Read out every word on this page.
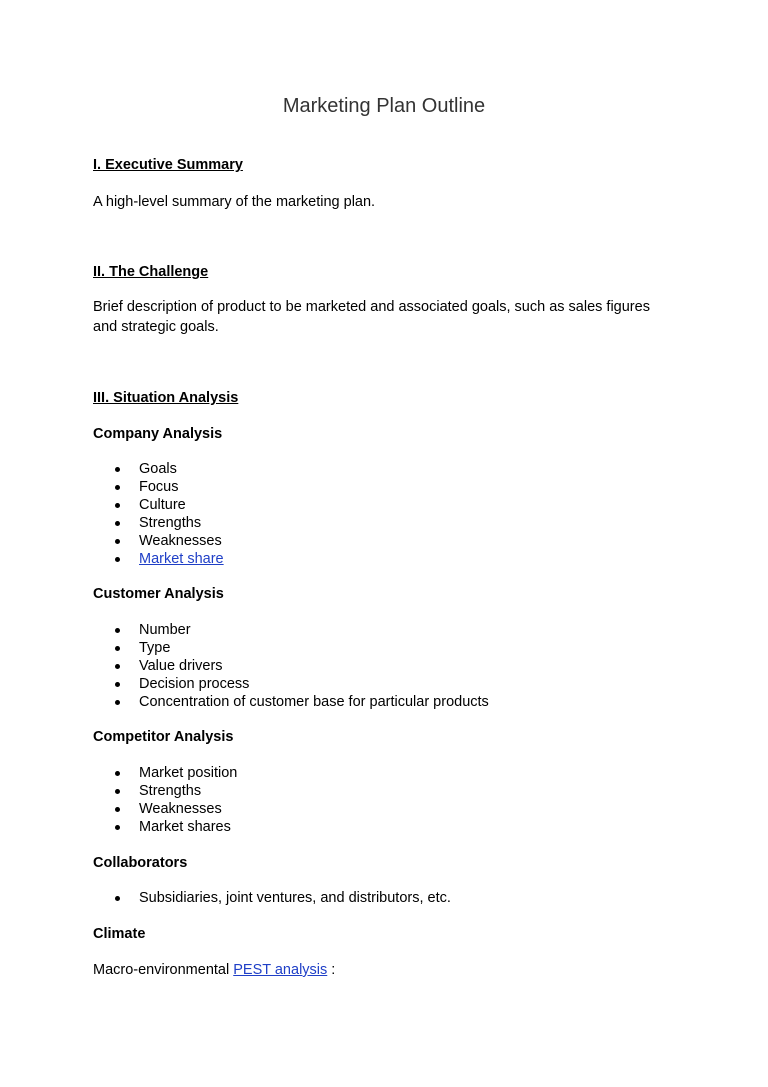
Marketing Plan Outline
I. Executive Summary
A high-level summary of the marketing plan.
II. The Challenge
Brief description of product to be marketed and associated goals, such as sales figures and strategic goals.
III. Situation Analysis
Company Analysis
Goals
Focus
Culture
Strengths
Weaknesses
Market share
Customer Analysis
Number
Type
Value drivers
Decision process
Concentration of customer base for particular products
Competitor Analysis
Market position
Strengths
Weaknesses
Market shares
Collaborators
Subsidiaries, joint ventures, and distributors, etc.
Climate
Macro-environmental PEST analysis :
